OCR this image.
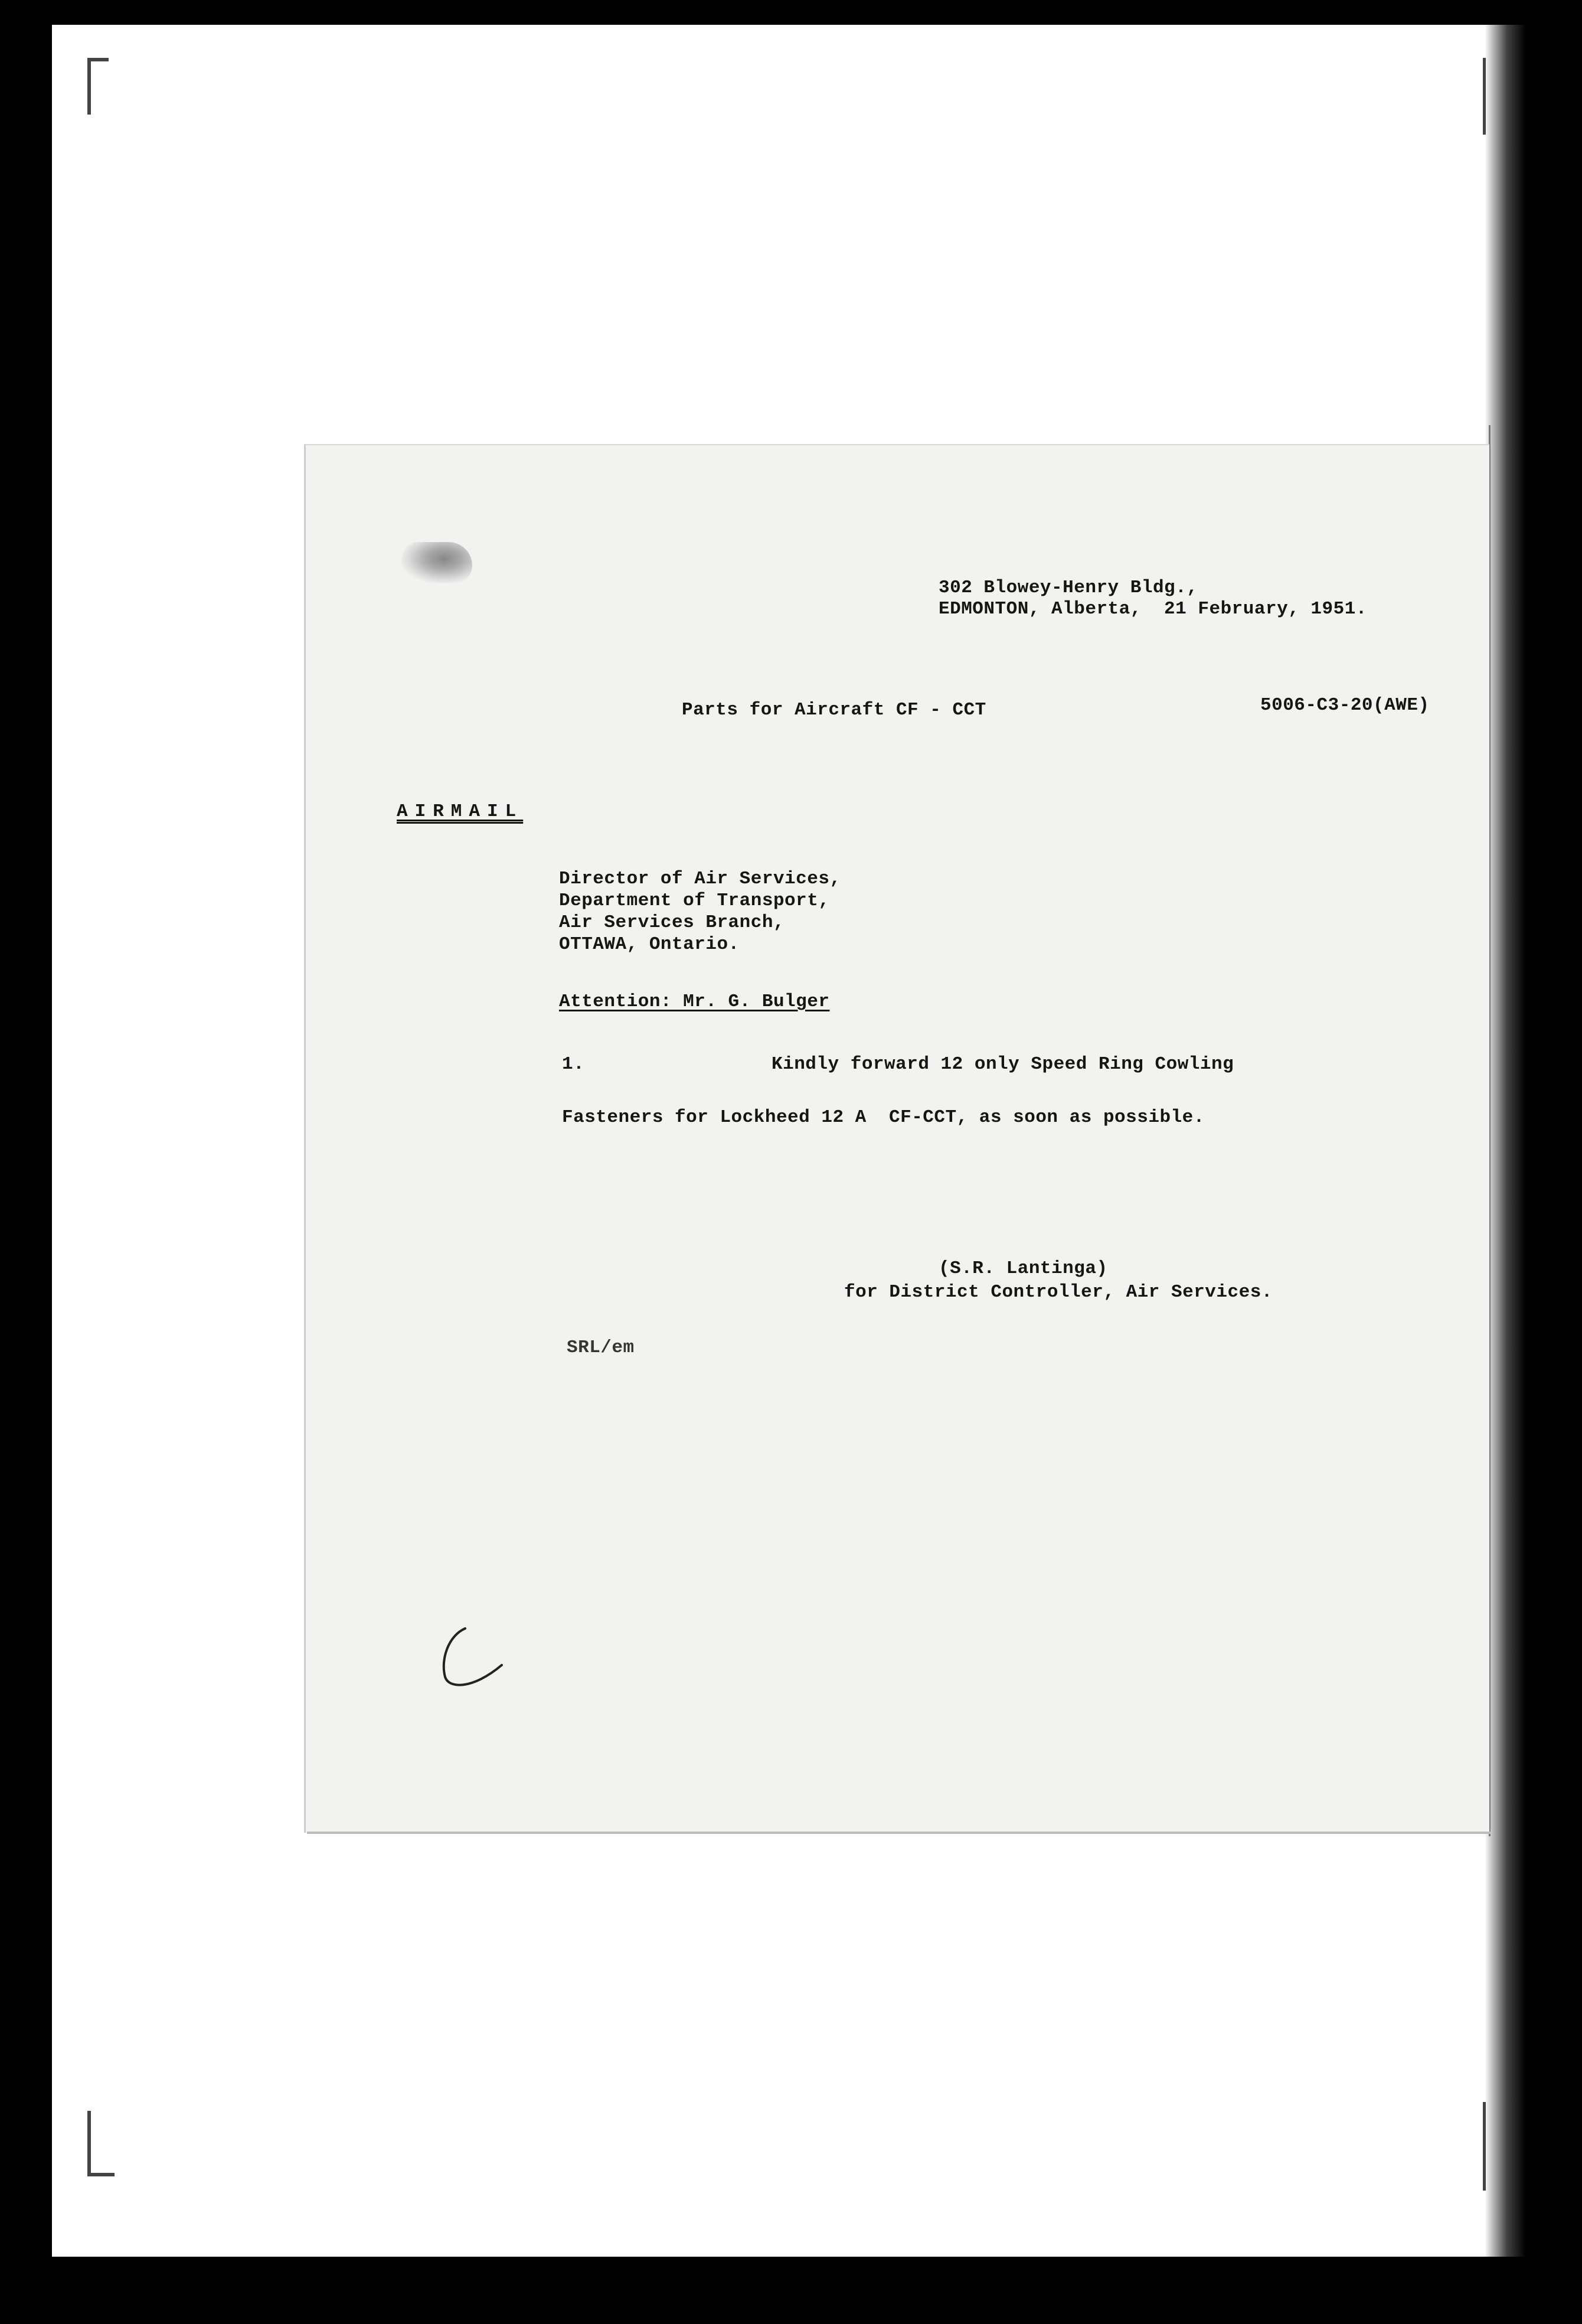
302 Blowey-Henry Bldg.,

EDMONTON, Alberta,  21 February, 1951.

Parts for Aircraft CF - CCT	5006-C3-20(AWE)

AIRMAIL

Director of Air Services,

Department of Transport,

Air Services Branch,

OTTAWA, Ontario.

Attention: Mr. G. Bulger

1.	Kindly forward 12 only Speed Ring Cowling

Fasteners for Lockheed 12 A  CF-CCT, as soon as possible.

(S.R. Lantinga)

for District Controller, Air Services.

SRL/em
